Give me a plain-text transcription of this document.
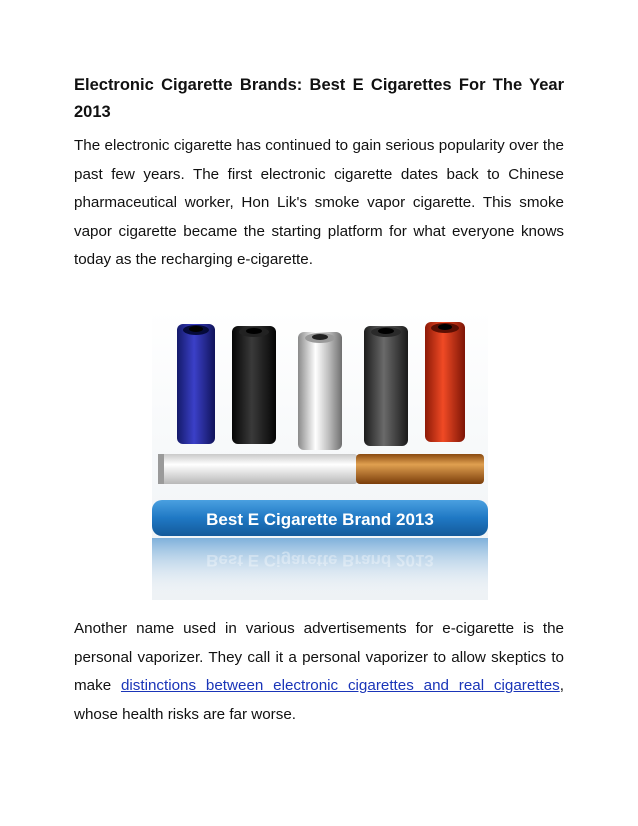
Electronic Cigarette Brands: Best E Cigarettes For The Year 2013

The electronic cigarette has continued to gain serious popularity over the past few years. The first electronic cigarette dates back to Chinese pharmaceutical worker, Hon Lik's smoke vapor cigarette. This smoke vapor cigarette became the starting platform for what everyone knows today as the recharging e-cigarette.

Best E Cigarette Brand 2013
Best E Cigarette Brand 2013

Another name used in various advertisements for e-cigarette is the personal vaporizer. They call it a personal vaporizer to allow skeptics to make distinctions between electronic cigarettes and real cigarettes, whose health risks are far worse.
